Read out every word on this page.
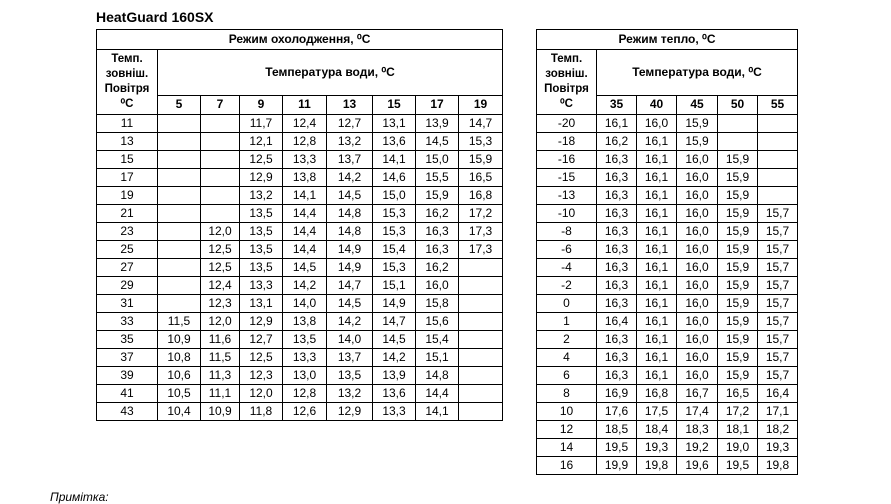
HeatGuard 160SX
Режим охолодження, ⁰C								
Темп. зовніш. Повітря ⁰C	Температура води, ⁰C							
	5	7	9	11	13	15	17	19
11			11,7	12,4	12,7	13,1	13,9	14,7
13			12,1	12,8	13,2	13,6	14,5	15,3
15			12,5	13,3	13,7	14,1	15,0	15,9
17			12,9	13,8	14,2	14,6	15,5	16,5
19			13,2	14,1	14,5	15,0	15,9	16,8
21			13,5	14,4	14,8	15,3	16,2	17,2
23		12,0	13,5	14,4	14,8	15,3	16,3	17,3
25		12,5	13,5	14,4	14,9	15,4	16,3	17,3
27		12,5	13,5	14,5	14,9	15,3	16,2	
29		12,4	13,3	14,2	14,7	15,1	16,0	
31		12,3	13,1	14,0	14,5	14,9	15,8	
33	11,5	12,0	12,9	13,8	14,2	14,7	15,6	
35	10,9	11,6	12,7	13,5	14,0	14,5	15,4	
37	10,8	11,5	12,5	13,3	13,7	14,2	15,1	
39	10,6	11,3	12,3	13,0	13,5	13,9	14,8	
41	10,5	11,1	12,0	12,8	13,2	13,6	14,4	
43	10,4	10,9	11,8	12,6	12,9	13,3	14,1	
Режим тепло, ⁰C					
Темп. зовніш. Повітря ⁰C	Температура води, ⁰C				
	35	40	45	50	55
-20	16,1	16,0	15,9		
-18	16,2	16,1	15,9		
-16	16,3	16,1	16,0	15,9	
-15	16,3	16,1	16,0	15,9	
-13	16,3	16,1	16,0	15,9	
-10	16,3	16,1	16,0	15,9	15,7
-8	16,3	16,1	16,0	15,9	15,7
-6	16,3	16,1	16,0	15,9	15,7
-4	16,3	16,1	16,0	15,9	15,7
-2	16,3	16,1	16,0	15,9	15,7
0	16,3	16,1	16,0	15,9	15,7
1	16,4	16,1	16,0	15,9	15,7
2	16,3	16,1	16,0	15,9	15,7
4	16,3	16,1	16,0	15,9	15,7
6	16,3	16,1	16,0	15,9	15,7
8	16,9	16,8	16,7	16,5	16,4
10	17,6	17,5	17,4	17,2	17,1
12	18,5	18,4	18,3	18,1	18,2
14	19,5	19,3	19,2	19,0	19,3
16	19,9	19,8	19,6	19,5	19,8
Примітка:
